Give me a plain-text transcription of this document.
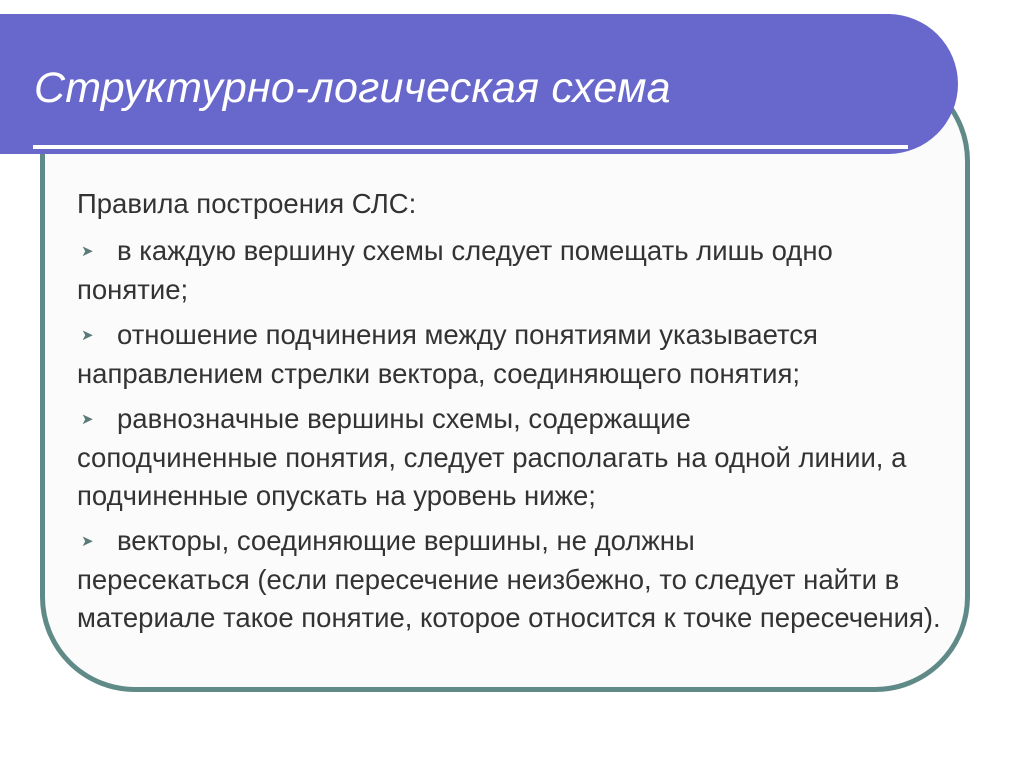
Структурно-логическая схема
Правила построения СЛС:
➤ в каждую вершину схемы следует помещать лишь одно
понятие;
➤ отношение подчинения между понятиями указывается
направлением стрелки вектора, соединяющего понятия;
➤ равнозначные вершины схемы, содержащие
соподчиненные понятия, следует располагать на одной линии, а подчиненные опускать на уровень ниже;
➤ векторы, соединяющие вершины, не должны
пересекаться (если пересечение неизбежно, то следует найти в материале такое понятие, которое относится к точке пересечения).
